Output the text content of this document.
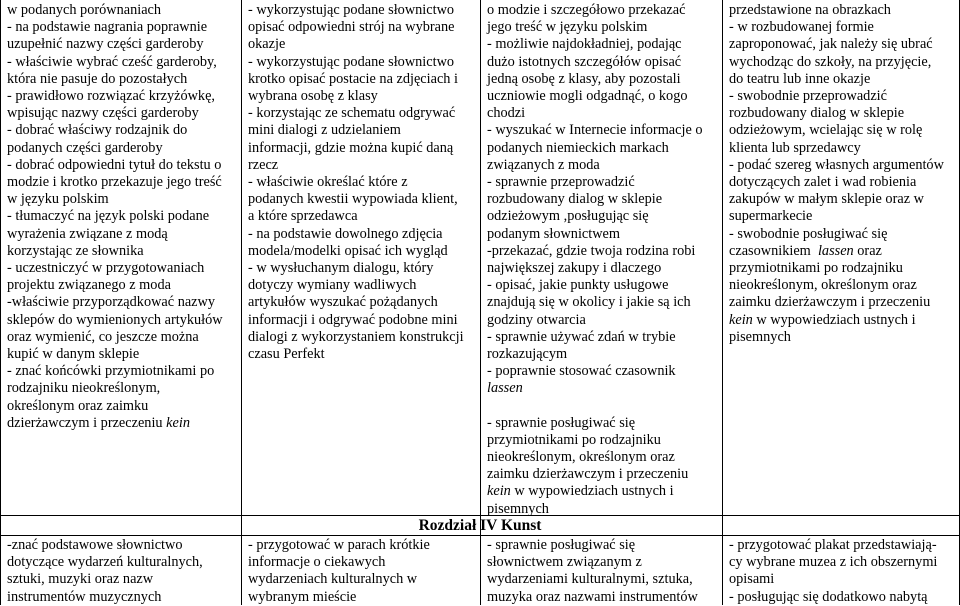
w podanych porównaniach

- na podstawie nagrania poprawnie

uzupełnić nazwy części garderoby

- właściwie wybrać cześć garderoby,

która nie pasuje do pozostałych

- prawidłowo rozwiązać krzyżówkę,

wpisując nazwy części garderoby

- dobrać właściwy rodzajnik do

podanych części garderoby

- dobrać odpowiedni tytuł do tekstu o

modzie i krotko przekazuje jego treść

w języku polskim

- tłumaczyć na język polski podane

wyrażenia związane z modą

korzystając ze słownika

- uczestniczyć w przygotowaniach

projektu związanego z moda

-właściwie przyporządkować nazwy

sklepów do wymienionych artykułów

oraz wymienić, co jeszcze można

kupić w danym sklepie

- znać końcówki przymiotnikami po

rodzajniku nieokreślonym,

określonym oraz zaimku

dzierżawczym i przeczeniu kein

- wykorzystując podane słownictwo

opisać odpowiedni strój na wybrane

okazje

- wykorzystując podane słownictwo

krotko opisać postacie na zdjęciach i

wybrana osobę z klasy

- korzystając ze schematu odgrywać

mini dialogi z udzielaniem

informacji, gdzie można kupić daną

rzecz

- właściwie określać które z

podanych kwestii wypowiada klient,

a które sprzedawca

- na podstawie dowolnego zdjęcia

modela/modelki opisać ich wygląd

- w wysłuchanym dialogu, który

dotyczy wymiany wadliwych

artykułów wyszukać pożądanych

informacji i odgrywać podobne mini

dialogi z wykorzystaniem konstrukcji

czasu Perfekt

o modzie i szczegółowo przekazać

jego treść w języku polskim

- możliwie najdokładniej, podając

dużo istotnych szczegółów opisać

jedną osobę z klasy, aby pozostali

uczniowie mogli odgadnąć, o kogo

chodzi

- wyszukać w Internecie informacje o

podanych niemieckich markach

związanych z moda

- sprawnie przeprowadzić

rozbudowany dialog w sklepie

odzieżowym ,posługując się

podanym słownictwem

-przekazać, gdzie twoja rodzina robi

największej zakupy i dlaczego

- opisać, jakie punkty usługowe

znajdują się w okolicy i jakie są ich

godziny otwarcia

- sprawnie używać zdań w trybie

rozkazującym

- poprawnie stosować czasownik

lassen

- sprawnie posługiwać się

przymiotnikami po rodzajniku

nieokreślonym, określonym oraz

zaimku dzierżawczym i przeczeniu

kein w wypowiedziach ustnych i

pisemnych

przedstawione na obrazkach

- w rozbudowanej formie

zaproponować, jak należy się ubrać

wychodząc do szkoły, na przyjęcie,

do teatru lub inne okazje

- swobodnie przeprowadzić

rozbudowany dialog w sklepie

odzieżowym, wcielając się w rolę

klienta lub sprzedawcy

- podać szereg własnych argumentów

dotyczących zalet i wad robienia

zakupów w małym sklepie oraz w

supermarkecie

- swobodnie posługiwać się

czasownikiem lassen oraz

przymiotnikami po rodzajniku

nieokreślonym, określonym oraz

zaimku dzierżawczym i przeczeniu

kein w wypowiedziach ustnych i

pisemnych

Rozdział IV Kunst

-znać podstawowe słownictwo

dotyczące wydarzeń kulturalnych,

sztuki, muzyki oraz nazw

instrumentów muzycznych

- przygotować w parach krótkie

informacje o ciekawych

wydarzeniach kulturalnych w

wybranym mieście

- sprawnie posługiwać się

słownictwem związanym z

wydarzeniami kulturalnymi, sztuka,

muzyka oraz nazwami instrumentów

- przygotować plakat przedstawiają-

cy wybrane muzea z ich obszernymi

opisami

- posługując się dodatkowo nabytą
